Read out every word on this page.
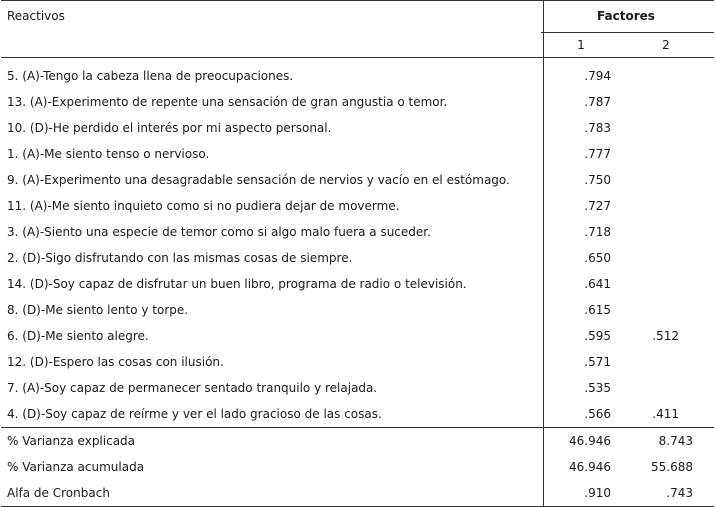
Reactivos	Factores
1	2
5. (A)-Tengo la cabeza llena de preocupaciones.	.794
13. (A)-Experimento de repente una sensación de gran angustia o temor.	.787
10. (D)-He perdido el interés por mi aspecto personal.	.783
1. (A)-Me siento tenso o nervioso.	.777
9. (A)-Experimento una desagradable sensación de nervios y vacío en el estómago.	.750
11. (A)-Me siento inquieto como si no pudiera dejar de moverme.	.727
3. (A)-Siento una especie de temor como si algo malo fuera a suceder.	.718
2. (D)-Sigo disfrutando con las mismas cosas de siempre.	.650
14. (D)-Soy capaz de disfrutar un buen libro, programa de radio o televisión.	.641
8. (D)-Me siento lento y torpe.	.615
6. (D)-Me siento alegre.	.595	.512
12. (D)-Espero las cosas con ilusión.	.571
7. (A)-Soy capaz de permanecer sentado tranquilo y relajada.	.535
4. (D)-Soy capaz de reírme y ver el lado gracioso de las cosas.	.566	.411
% Varianza explicada	46.946	8.743
% Varianza acumulada	46.946	55.688
Alfa de Cronbach	.910	.743
